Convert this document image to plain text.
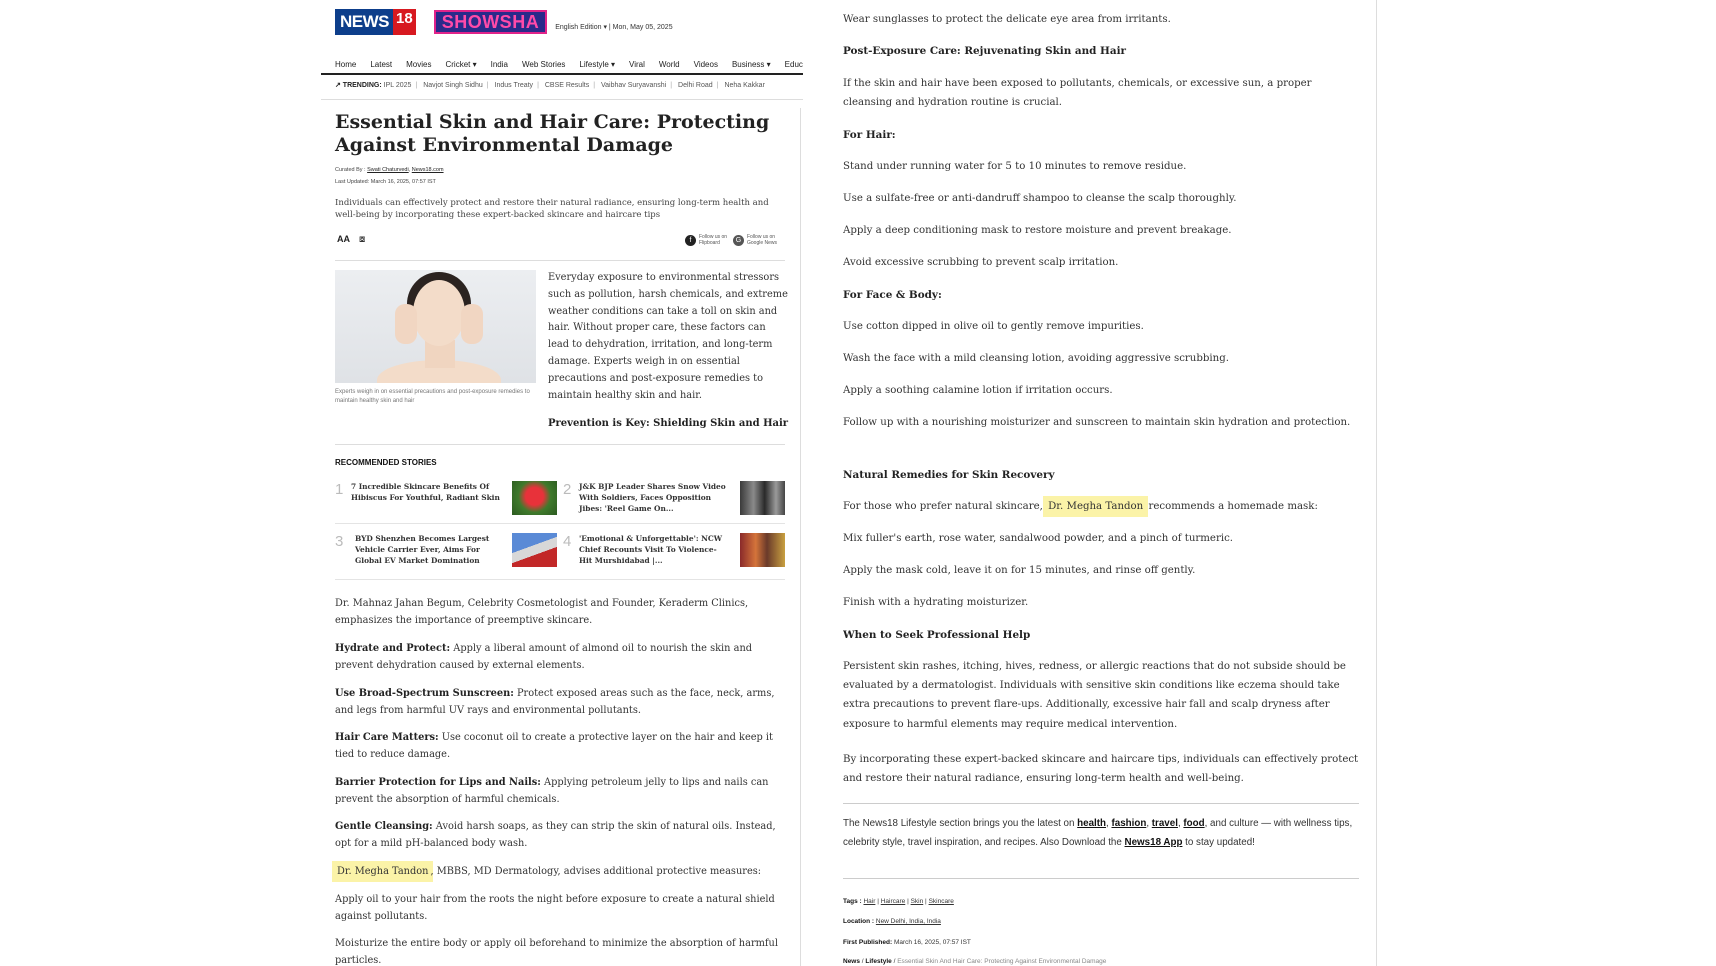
NEWS 18	SHOWSHA	English Edition ▾ | Mon, May 05, 2025
Home Latest Movies Cricket ▾ India Web Stories Lifestyle ▾ Viral World Videos Business ▾ Educ
↗ TRENDING: IPL 2025 | Navjot Singh Sidhu | Indus Treaty | CBSE Results | Vaibhav Suryavanshi | Delhi Road | Neha Kakkar
Essential Skin and Hair Care: Protecting Against Environmental Damage
Curated By : Swati Chaturvedi, News18.com
Last Updated: March 16, 2025, 07:57 IST

Individuals can effectively protect and restore their natural radiance, ensuring long-term health and well-being by incorporating these expert-backed skincare and haircare tips

AA ⧇	f	Follow us on
Flipboard	G	Follow us on
Google News

Experts weigh in on essential precautions and post-exposure remedies to maintain healthy skin and hair

Everyday exposure to environmental stressors such as pollution, harsh chemicals, and extreme weather conditions can take a toll on skin and hair. Without proper care, these factors can lead to dehydration, irritation, and long-term damage. Experts weigh in on essential precautions and post-exposure remedies to maintain healthy skin and hair.

Prevention is Key: Shielding Skin and Hair
RECOMMENDED STORIES
1 7 Incredible Skincare Benefits Of Hibiscus For Youthful, Radiant Skin	2 J&K BJP Leader Shares Snow Video With Soldiers, Faces Opposition Jibes: 'Reel Game On...
3 BYD Shenzhen Becomes Largest Vehicle Carrier Ever, Aims For Global EV Market Domination
4 'Emotional & Unforgettable': NCW Chief Recounts Visit To Violence-Hit Murshidabad |...

Dr. Mahnaz Jahan Begum, Celebrity Cosmetologist and Founder, Keraderm Clinics, emphasizes the importance of preemptive skincare.

Hydrate and Protect: Apply a liberal amount of almond oil to nourish the skin and prevent dehydration caused by external elements.

Use Broad-Spectrum Sunscreen: Protect exposed areas such as the face, neck, arms, and legs from harmful UV rays and environmental pollutants.

Hair Care Matters: Use coconut oil to create a protective layer on the hair and keep it tied to reduce damage.

Barrier Protection for Lips and Nails: Applying petroleum jelly to lips and nails can prevent the absorption of harmful chemicals.

Gentle Cleansing: Avoid harsh soaps, as they can strip the skin of natural oils. Instead, opt for a mild pH-balanced body wash.

Dr. Megha Tandon , MBBS, MD Dermatology, advises additional protective measures:

Apply oil to your hair from the roots the night before exposure to create a natural shield against pollutants.

Moisturize the entire body or apply oil beforehand to minimize the absorption of harmful particles.

Wear sunglasses to protect the delicate eye area from irritants.

Post-Exposure Care: Rejuvenating Skin and Hair

If the skin and hair have been exposed to pollutants, chemicals, or excessive sun, a proper cleansing and hydration routine is crucial.

For Hair:

Stand under running water for 5 to 10 minutes to remove residue.

Use a sulfate-free or anti-dandruff shampoo to cleanse the scalp thoroughly.

Apply a deep conditioning mask to restore moisture and prevent breakage.

Avoid excessive scrubbing to prevent scalp irritation.

For Face & Body:

Use cotton dipped in olive oil to gently remove impurities.

Wash the face with a mild cleansing lotion, avoiding aggressive scrubbing.

Apply a soothing calamine lotion if irritation occurs.

Follow up with a nourishing moisturizer and sunscreen to maintain skin hydration and protection.

Natural Remedies for Skin Recovery

For those who prefer natural skincare, Dr. Megha Tandon recommends a homemade mask:

Mix fuller's earth, rose water, sandalwood powder, and a pinch of turmeric.

Apply the mask cold, leave it on for 15 minutes, and rinse off gently.

Finish with a hydrating moisturizer.

When to Seek Professional Help

Persistent skin rashes, itching, hives, redness, or allergic reactions that do not subside should be evaluated by a dermatologist. Individuals with sensitive skin conditions like eczema should take extra precautions to prevent flare-ups. Additionally, excessive hair fall and scalp dryness after exposure to harmful elements may require medical intervention.

By incorporating these expert-backed skincare and haircare tips, individuals can effectively protect and restore their natural radiance, ensuring long-term health and well-being.

The News18 Lifestyle section brings you the latest on health, fashion, travel, food, and culture — with wellness tips, celebrity style, travel inspiration, and recipes. Also Download the News18 App to stay updated!

Tags : Hair | Haircare | Skin | Skincare
Location : New Delhi, India, India
First Published: March 16, 2025, 07:57 IST
News / Lifestyle / Essential Skin And Hair Care: Protecting Against Environmental Damage
